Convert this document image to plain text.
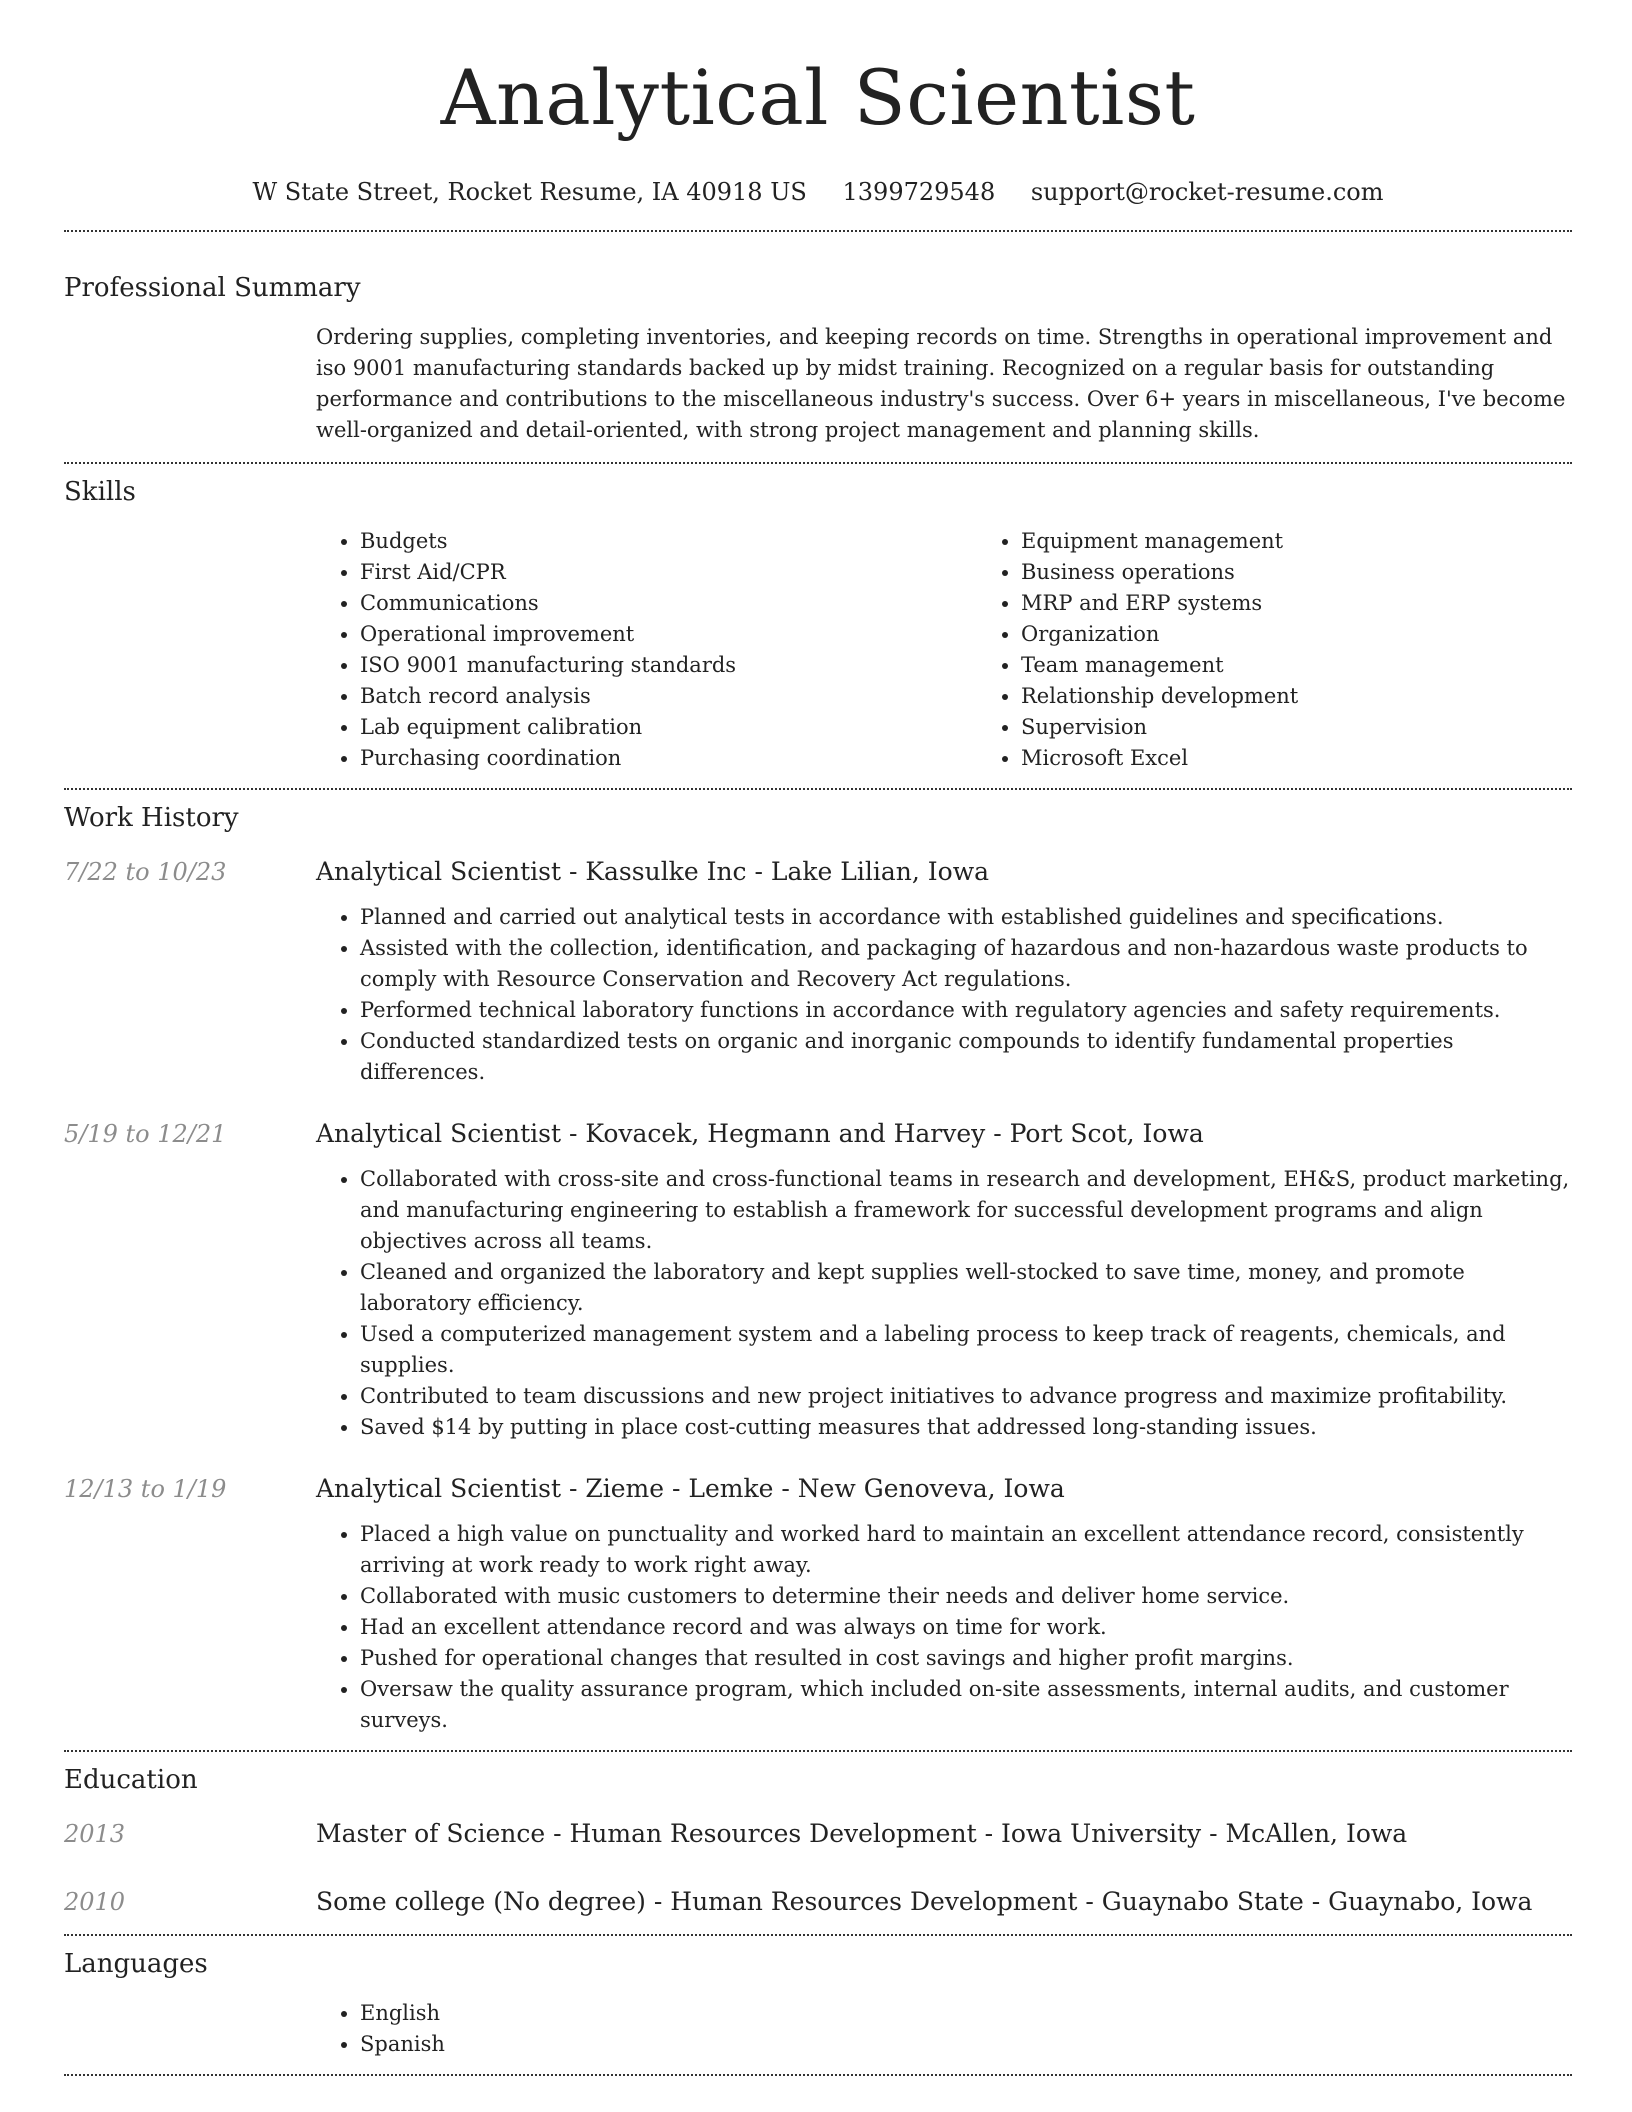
Analytical Scientist
W State Street, Rocket Resume, IA 40918 US 1399729548 support@rocket-resume.com
Professional Summary
Ordering supplies, completing inventories, and keeping records on time. Strengths in operational improvement and iso 9001 manufacturing standards backed up by midst training. Recognized on a regular basis for outstanding performance and contributions to the miscellaneous industry's success. Over 6+ years in miscellaneous, I've become well-organized and detail-oriented, with strong project management and planning skills.
Skills
• Budgets
• First Aid/CPR
• Communications
• Operational improvement
• ISO 9001 manufacturing standards
• Batch record analysis
• Lab equipment calibration
• Purchasing coordination
• Equipment management
• Business operations
• MRP and ERP systems
• Organization
• Team management
• Relationship development
• Supervision
• Microsoft Excel
Work History
7/22 to 10/23	Analytical Scientist - Kassulke Inc - Lake Lilian, Iowa
• Planned and carried out analytical tests in accordance with established guidelines and specifications.
• Assisted with the collection, identification, and packaging of hazardous and non-hazardous waste products to comply with Resource Conservation and Recovery Act regulations.
• Performed technical laboratory functions in accordance with regulatory agencies and safety requirements.
• Conducted standardized tests on organic and inorganic compounds to identify fundamental properties differences.
5/19 to 12/21	Analytical Scientist - Kovacek, Hegmann and Harvey - Port Scot, Iowa
• Collaborated with cross-site and cross-functional teams in research and development, EH&S, product marketing, and manufacturing engineering to establish a framework for successful development programs and align objectives across all teams.
• Cleaned and organized the laboratory and kept supplies well-stocked to save time, money, and promote laboratory efficiency.
• Used a computerized management system and a labeling process to keep track of reagents, chemicals, and supplies.
• Contributed to team discussions and new project initiatives to advance progress and maximize profitability.
• Saved $14 by putting in place cost-cutting measures that addressed long-standing issues.
12/13 to 1/19	Analytical Scientist - Zieme - Lemke - New Genoveva, Iowa
• Placed a high value on punctuality and worked hard to maintain an excellent attendance record, consistently arriving at work ready to work right away.
• Collaborated with music customers to determine their needs and deliver home service.
• Had an excellent attendance record and was always on time for work.
• Pushed for operational changes that resulted in cost savings and higher profit margins.
• Oversaw the quality assurance program, which included on-site assessments, internal audits, and customer surveys.
Education
2013	Master of Science - Human Resources Development - Iowa University - McAllen, Iowa
2010	Some college (No degree) - Human Resources Development - Guaynabo State - Guaynabo, Iowa
Languages
• English
• Spanish
